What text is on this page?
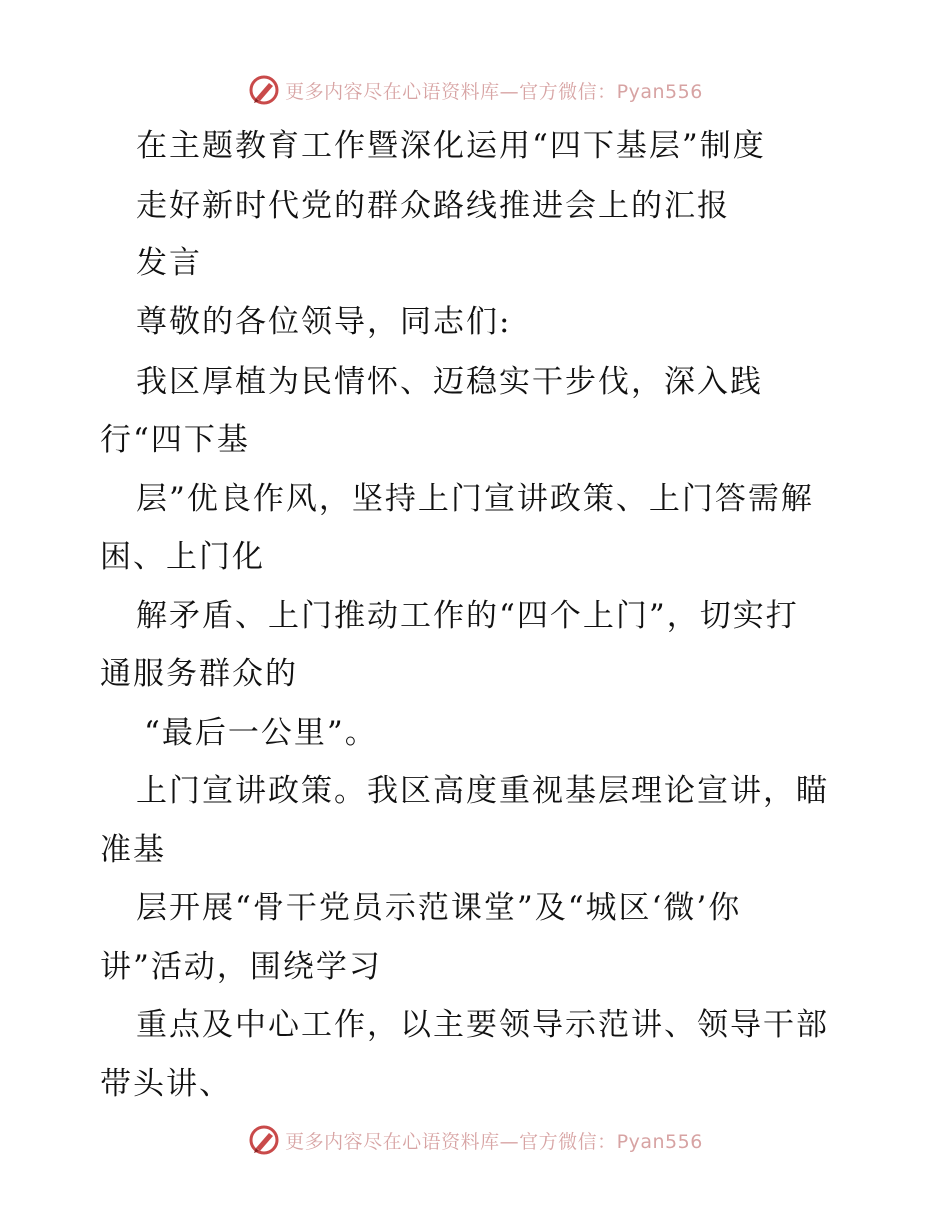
更多内容尽在心语资料库—官方微信：Pyan556
在主题教育工作暨深化运用“四下基层”制度
走好新时代党的群众路线推进会上的汇报
发言
尊敬的各位领导，同志们:
我区厚植为民情怀、迈稳实干步伐，深入践
行“四下基
层”优良作风，坚持上门宣讲政策、上门答需解
困、上门化
解矛盾、上门推动工作的“四个上门”，切实打
通服务群众的
“最后一公里”。
上门宣讲政策。我区高度重视基层理论宣讲，瞄
准基
层开展“骨干党员示范课堂”及“城区‘微’你
讲”活动，围绕学习
重点及中心工作，以主要领导示范讲、领导干部
带头讲、
更多内容尽在心语资料库—官方微信：Pyan556
